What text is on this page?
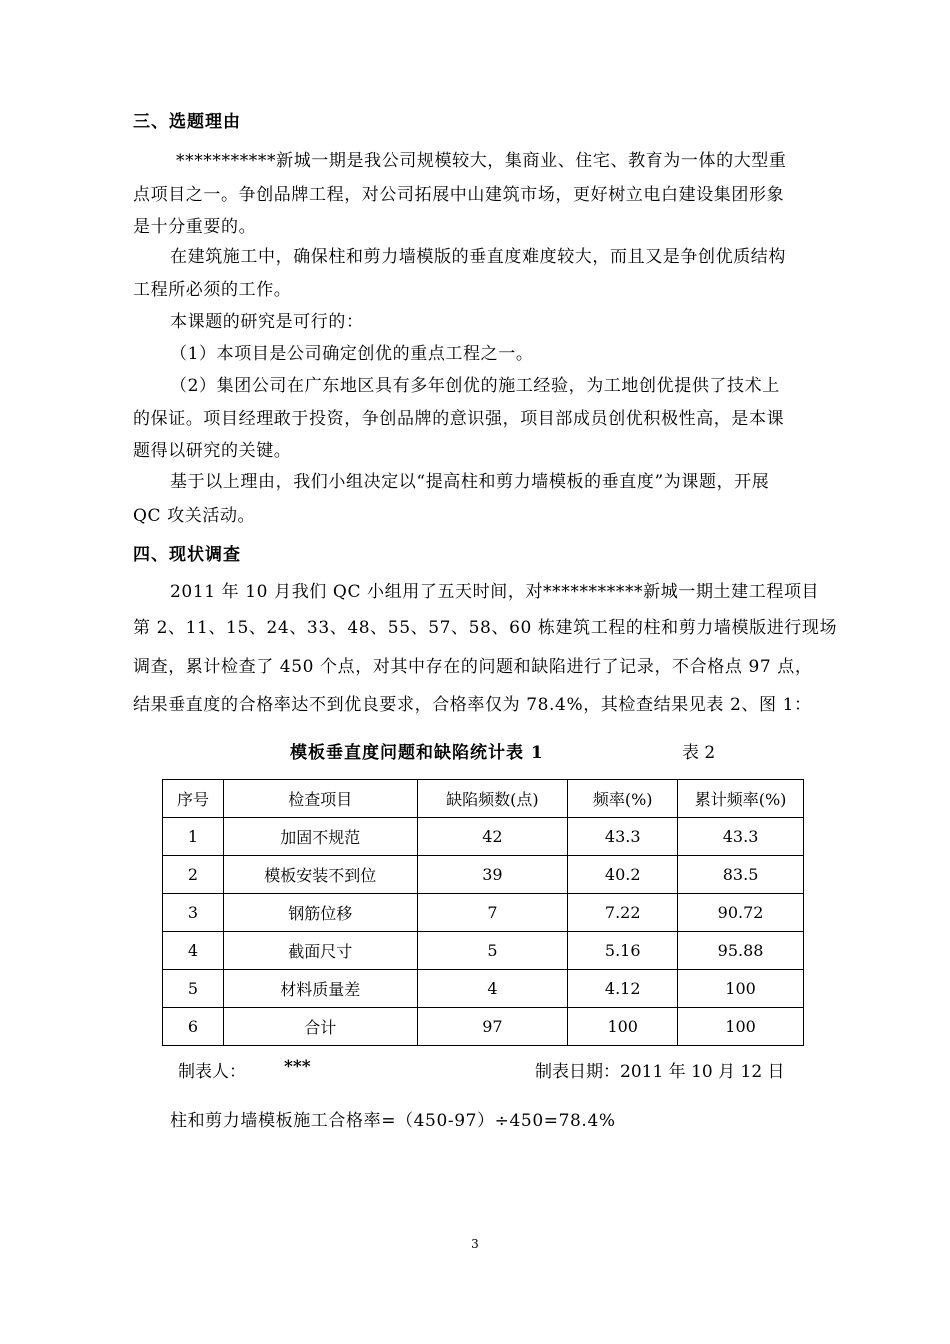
三、选题理由
***********新城一期是我公司规模较大，集商业、住宅、教育为一体的大型重
点项目之一。争创品牌工程，对公司拓展中山建筑市场，更好树立电白建设集团形象
是十分重要的。
在建筑施工中，确保柱和剪力墙模版的垂直度难度较大，而且又是争创优质结构
工程所必须的工作。
本课题的研究是可行的：
（1）本项目是公司确定创优的重点工程之一。
（2）集团公司在广东地区具有多年创优的施工经验，为工地创优提供了技术上
的保证。项目经理敢于投资，争创品牌的意识强，项目部成员创优积极性高，是本课
题得以研究的关键。
基于以上理由，我们小组决定以“提高柱和剪力墙模板的垂直度”为课题，开展
QC 攻关活动。
四、现状调查
2011 年 10 月我们 QC 小组用了五天时间，对***********新城一期土建工程项目
第 2、11、15、24、33、48、55、57、58、60 栋建筑工程的柱和剪力墙模版进行现场
调查，累计检查了 450 个点，对其中存在的问题和缺陷进行了记录，不合格点 97 点，
结果垂直度的合格率达不到优良要求，合格率仅为 78.4%，其检查结果见表 2、图 1：
模板垂直度问题和缺陷统计表 1	表 2
序号	检查项目	缺陷频数(点)	频率(%)	累计频率(%)
1	加固不规范	42	43.3	43.3
2	模板安装不到位	39	40.2	83.5
3	钢筋位移	7	7.22	90.72
4	截面尺寸	5	5.16	95.88
5	材料质量差	4	4.12	100
6	合计	97	100	100
制表人： ***	制表日期：2011 年 10 月 12 日
柱和剪力墙模板施工合格率=（450-97）÷450=78.4%
3
